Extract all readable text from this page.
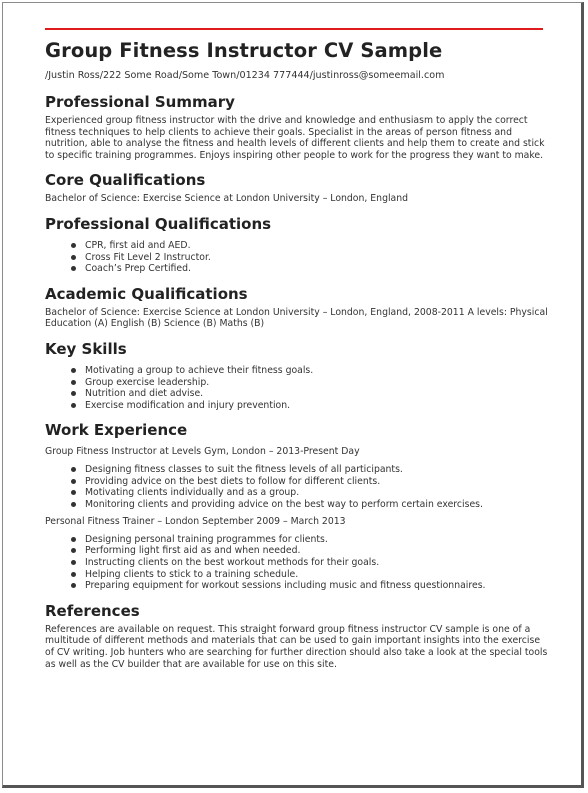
Group Fitness Instructor CV Sample
/Justin Ross/222 Some Road/Some Town/01234 777444/justinross@someemail.com
Professional Summary

Experienced group fitness instructor with the drive and knowledge and enthusiasm to apply the correct fitness techniques to help clients to achieve their goals. Specialist in the areas of person fitness and nutrition, able to analyse the fitness and health levels of different clients and help them to create and stick to specific training programmes. Enjoys inspiring other people to work for the progress they want to make.

Core Qualifications

Bachelor of Science: Exercise Science at London University – London, England

Professional Qualifications
CPR, first aid and AED.
Cross Fit Level 2 Instructor.
Coach’s Prep Certified.
Academic Qualifications

Bachelor of Science: Exercise Science at London University – London, England, 2008-2011 A levels: Physical Education (A) English (B) Science (B) Maths (B)

Key Skills
Motivating a group to achieve their fitness goals.
Group exercise leadership.
Nutrition and diet advise.
Exercise modification and injury prevention.
Work Experience
Group Fitness Instructor at Levels Gym, London – 2013-Present Day
Designing fitness classes to suit the fitness levels of all participants.
Providing advice on the best diets to follow for different clients.
Motivating clients individually and as a group.
Monitoring clients and providing advice on the best way to perform certain exercises.
Personal Fitness Trainer – London September 2009 – March 2013
Designing personal training programmes for clients.
Performing light first aid as and when needed.
Instructing clients on the best workout methods for their goals.
Helping clients to stick to a training schedule.
Preparing equipment for workout sessions including music and fitness questionnaires.
References

References are available on request. This straight forward group fitness instructor CV sample is one of a multitude of different methods and materials that can be used to gain important insights into the exercise of CV writing. Job hunters who are searching for further direction should also take a look at the special tools as well as the CV builder that are available for use on this site.
